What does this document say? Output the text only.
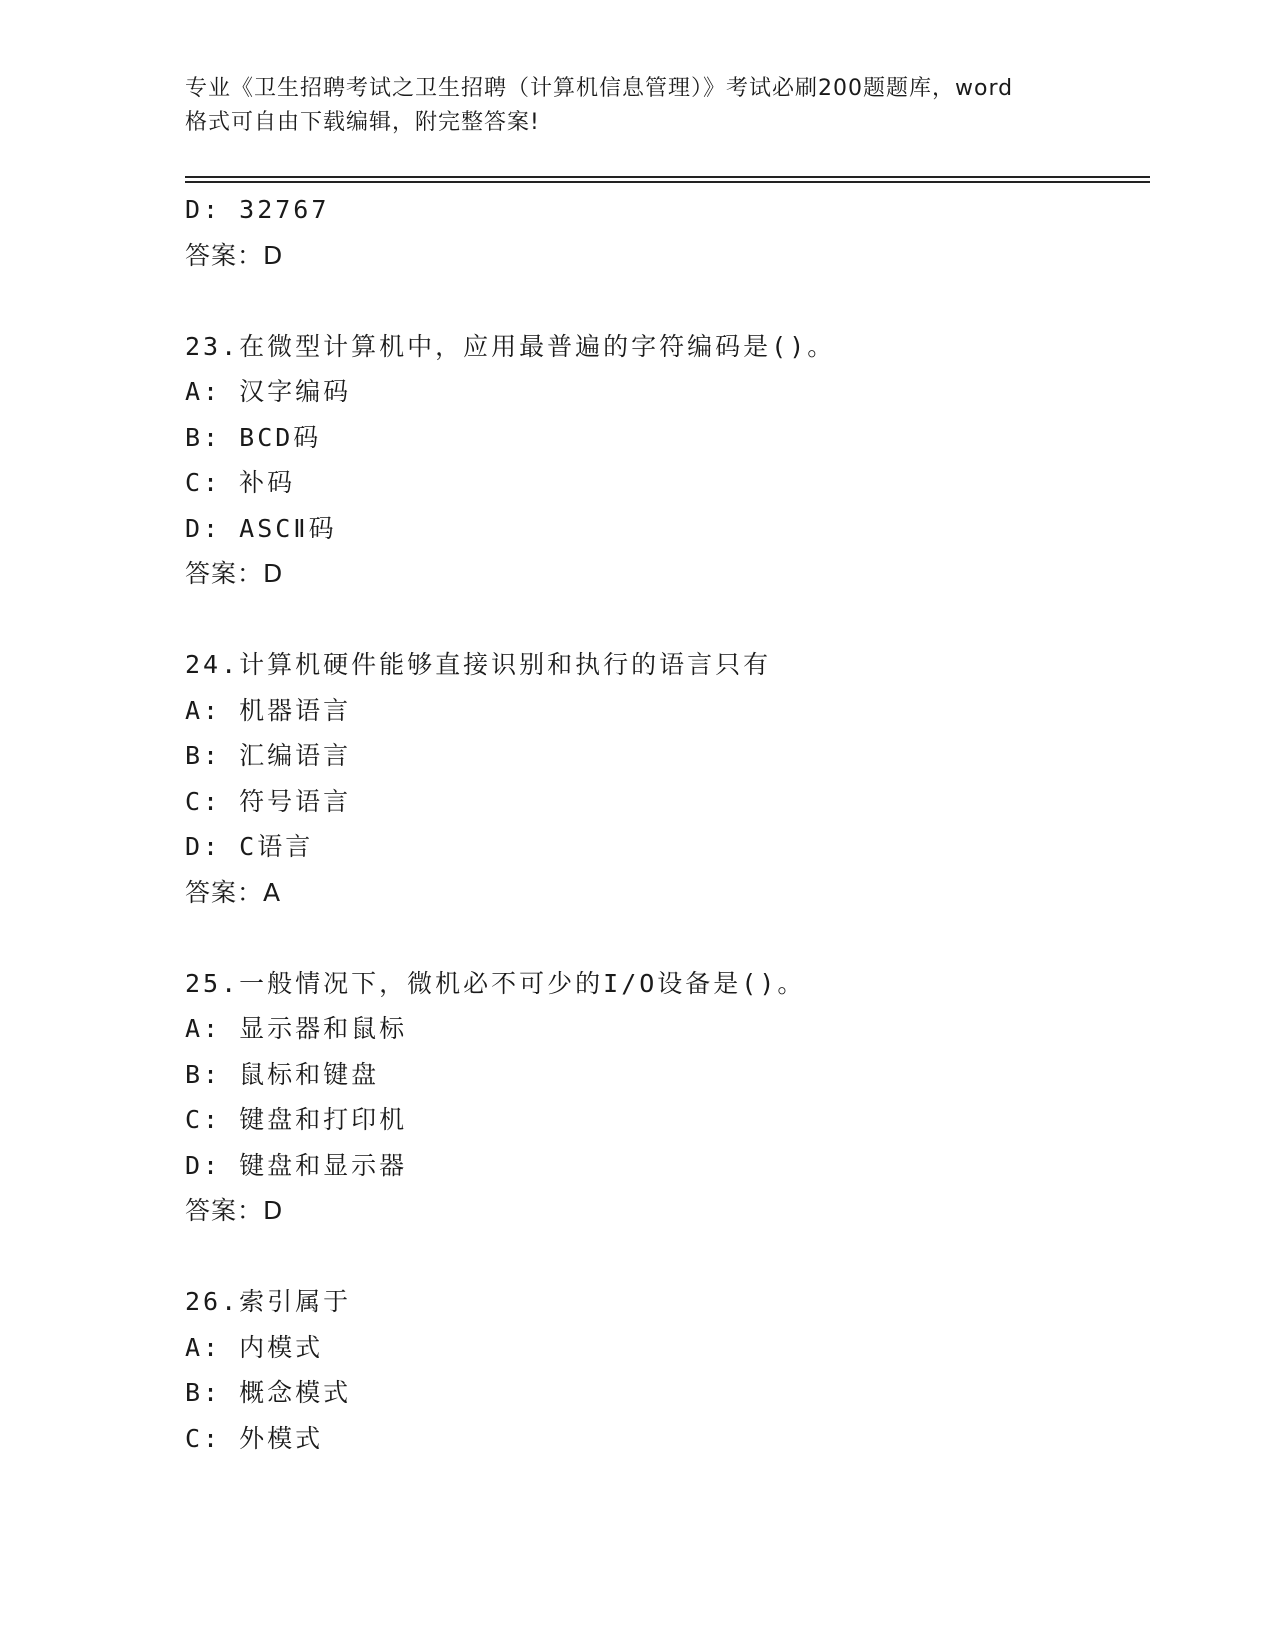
专业《卫生招聘考试之卫生招聘（计算机信息管理）》考试必刷200题题库，word
格式可自由下载编辑，附完整答案!
D: 32767
答案：D
23.在微型计算机中，应用最普遍的字符编码是()。
A: 汉字编码
B: BCD码
C: 补码
D: ASCⅡ码
答案：D
24.计算机硬件能够直接识别和执行的语言只有
A: 机器语言
B: 汇编语言
C: 符号语言
D: C语言
答案：A
25.一般情况下，微机必不可少的I/O设备是()。
A: 显示器和鼠标
B: 鼠标和键盘
C: 键盘和打印机
D: 键盘和显示器
答案：D
26.索引属于
A: 内模式
B: 概念模式
C: 外模式
